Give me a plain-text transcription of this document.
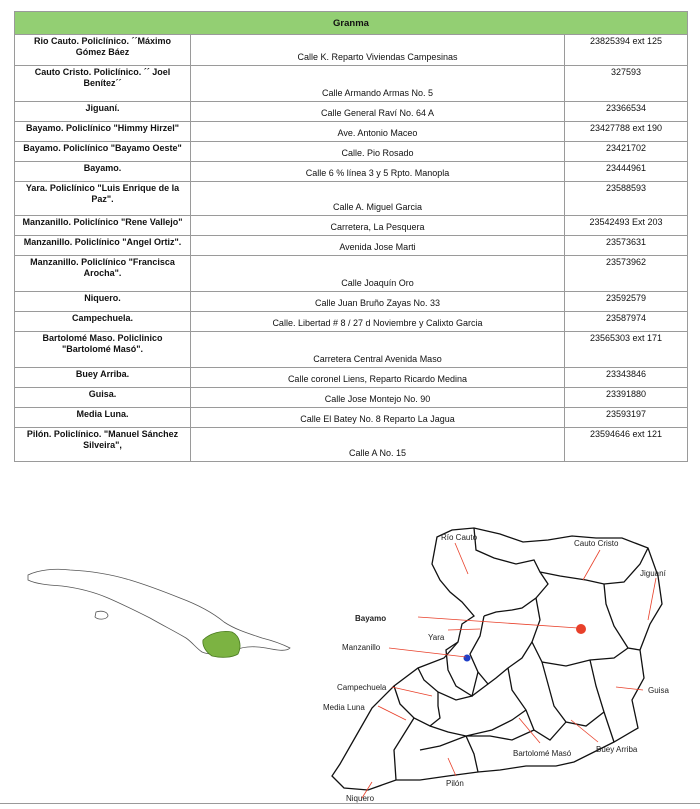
Granma		
Rio Cauto. Policlínico. ´´Máximo Gómez Báez	Calle K. Reparto Viviendas Campesinas	23825394 ext 125
Cauto Cristo. Policlínico. ´´ Joel Benítez´´	Calle Armando Armas No. 5	327593
Jiguaní.	Calle General Raví No. 64 A	23366534
Bayamo. Policlínico "Himmy Hirzel"	Ave. Antonio Maceo	23427788 ext 190
Bayamo. Policlínico "Bayamo Oeste"	Calle. Pio Rosado	23421702
Bayamo.	Calle 6 % línea 3 y 5 Rpto. Manopla	23444961
Yara. Policlínico "Luis Enrique de la Paz".	Calle A. Miguel Garcia	23588593
Manzanillo. Policlínico "Rene Vallejo"	Carretera, La Pesquera	23542493 Ext 203
Manzanillo. Policlínico "Angel Ortiz".	Avenida Jose Marti	23573631
Manzanillo. Policlínico "Francisca Arocha".	Calle Joaquín Oro	23573962
Niquero.	Calle Juan Bruño Zayas No. 33	23592579
Campechuela.	Calle. Libertad # 8 / 27 d Noviembre y Calixto Garcia	23587974
Bartolomé Maso. Policlinico "Bartolomé Masó".	Carretera Central Avenida Maso	23565303 ext 171
Buey Arriba.	Calle coronel Liens, Reparto Ricardo Medina	23343846
Guisa.	Calle Jose Montejo No. 90	23391880
Media Luna.	Calle El Batey No. 8 Reparto La Jagua	23593197
Pilón. Policlínico. "Manuel Sánchez Silveira",	Calle A No. 15	23594646 ext 121
Río Cauto
Cauto Cristo
Jiguaní
Bayamo
Yara
Manzanillo
Campechuela
Media Luna
Guisa
Bartolomé Masó	Buey Arriba
Pilón
Niquero
